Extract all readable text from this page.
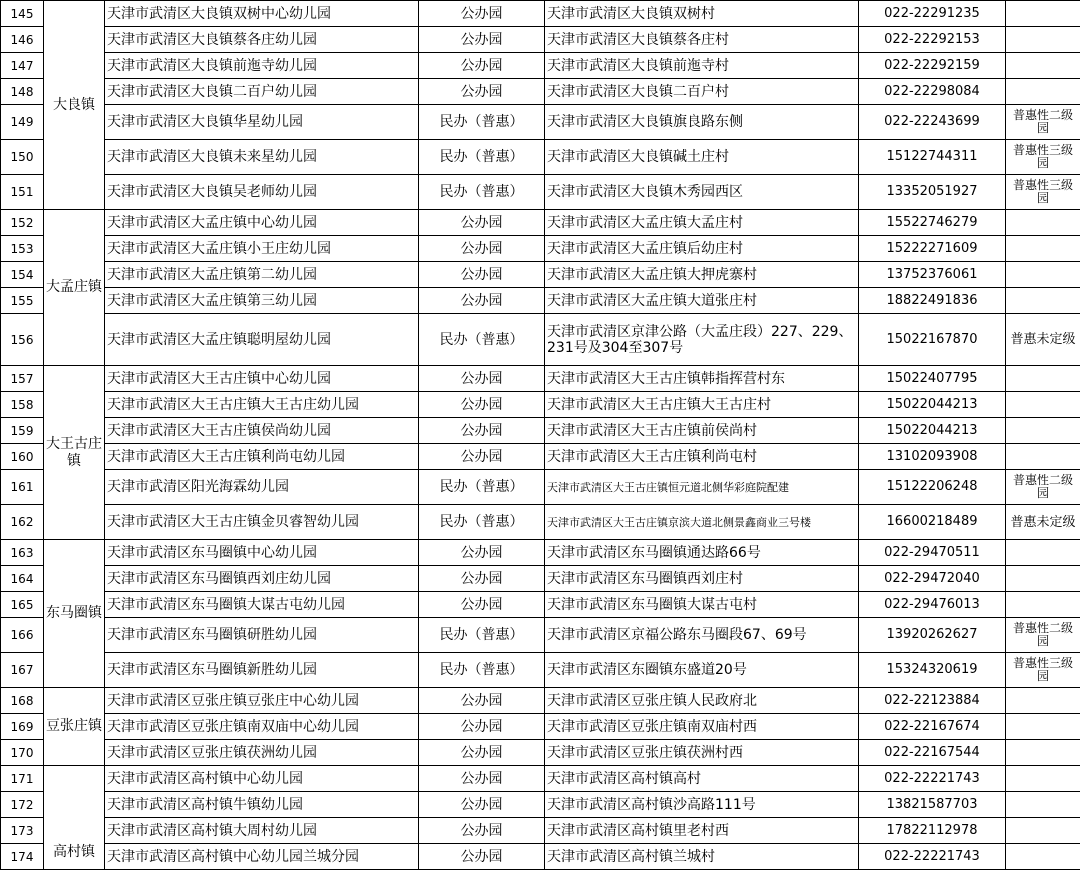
145	大良镇	天津市武清区大良镇双树中心幼儿园	公办园	天津市武清区大良镇双树村	022-22291235	
146		天津市武清区大良镇蔡各庄幼儿园	公办园	天津市武清区大良镇蔡各庄村	022-22292153	
147		天津市武清区大良镇前迤寺幼儿园	公办园	天津市武清区大良镇前迤寺村	022-22292159	
148		天津市武清区大良镇二百户幼儿园	公办园	天津市武清区大良镇二百户村	022-22298084	
149		天津市武清区大良镇华星幼儿园	民办（普惠）	天津市武清区大良镇旗良路东侧	022-22243699	普惠性二级园
150		天津市武清区大良镇未来星幼儿园	民办（普惠）	天津市武清区大良镇碱土庄村	15122744311	普惠性三级园
151		天津市武清区大良镇吴老师幼儿园	民办（普惠）	天津市武清区大良镇木秀园西区	13352051927	普惠性三级园
152	大孟庄镇	天津市武清区大孟庄镇中心幼儿园	公办园	天津市武清区大孟庄镇大孟庄村	15522746279	
153		天津市武清区大孟庄镇小王庄幼儿园	公办园	天津市武清区大孟庄镇后幼庄村	15222271609	
154		天津市武清区大孟庄镇第二幼儿园	公办园	天津市武清区大孟庄镇大押虎寨村	13752376061	
155		天津市武清区大孟庄镇第三幼儿园	公办园	天津市武清区大孟庄镇大道张庄村	18822491836	
156		天津市武清区大孟庄镇聪明屋幼儿园	民办（普惠）	天津市武清区京津公路（大孟庄段）227、229、231号及304至307号	15022167870	普惠未定级
157	大王古庄镇	天津市武清区大王古庄镇中心幼儿园	公办园	天津市武清区大王古庄镇韩指挥营村东	15022407795	
158		天津市武清区大王古庄镇大王古庄幼儿园	公办园	天津市武清区大王古庄镇大王古庄村	15022044213	
159		天津市武清区大王古庄镇侯尚幼儿园	公办园	天津市武清区大王古庄镇前侯尚村	15022044213	
160		天津市武清区大王古庄镇利尚屯幼儿园	公办园	天津市武清区大王古庄镇利尚屯村	13102093908	
161		天津市武清区阳光海霖幼儿园	民办（普惠）	天津市武清区大王古庄镇恒元道北侧华彩庭院配建	15122206248	普惠性二级园
162		天津市武清区大王古庄镇金贝睿智幼儿园	民办（普惠）	天津市武清区大王古庄镇京滨大道北侧景鑫商业三号楼	16600218489	普惠未定级
163	东马圈镇	天津市武清区东马圈镇中心幼儿园	公办园	天津市武清区东马圈镇通达路66号	022-29470511	
164		天津市武清区东马圈镇西刘庄幼儿园	公办园	天津市武清区东马圈镇西刘庄村	022-29472040	
165		天津市武清区东马圈镇大谋古屯幼儿园	公办园	天津市武清区东马圈镇大谋古屯村	022-29476013	
166		天津市武清区东马圈镇研胜幼儿园	民办（普惠）	天津市武清区京福公路东马圈段67、69号	13920262627	普惠性二级园
167		天津市武清区东马圈镇新胜幼儿园	民办（普惠）	天津市武清区东圈镇东盛道20号	15324320619	普惠性三级园
168	豆张庄镇	天津市武清区豆张庄镇豆张庄中心幼儿园	公办园	天津市武清区豆张庄镇人民政府北	022-22123884	
169		天津市武清区豆张庄镇南双庙中心幼儿园	公办园	天津市武清区豆张庄镇南双庙村西	022-22167674	
170		天津市武清区豆张庄镇茯洲幼儿园	公办园	天津市武清区豆张庄镇茯洲村西	022-22167544	
171	高村镇	天津市武清区高村镇中心幼儿园	公办园	天津市武清区高村镇高村	022-22221743	
172		天津市武清区高村镇牛镇幼儿园	公办园	天津市武清区高村镇沙高路111号	13821587703	
173		天津市武清区高村镇大周村幼儿园	公办园	天津市武清区高村镇里老村西	17822112978	
174		天津市武清区高村镇中心幼儿园兰城分园	公办园	天津市武清区高村镇兰城村	022-22221743	
